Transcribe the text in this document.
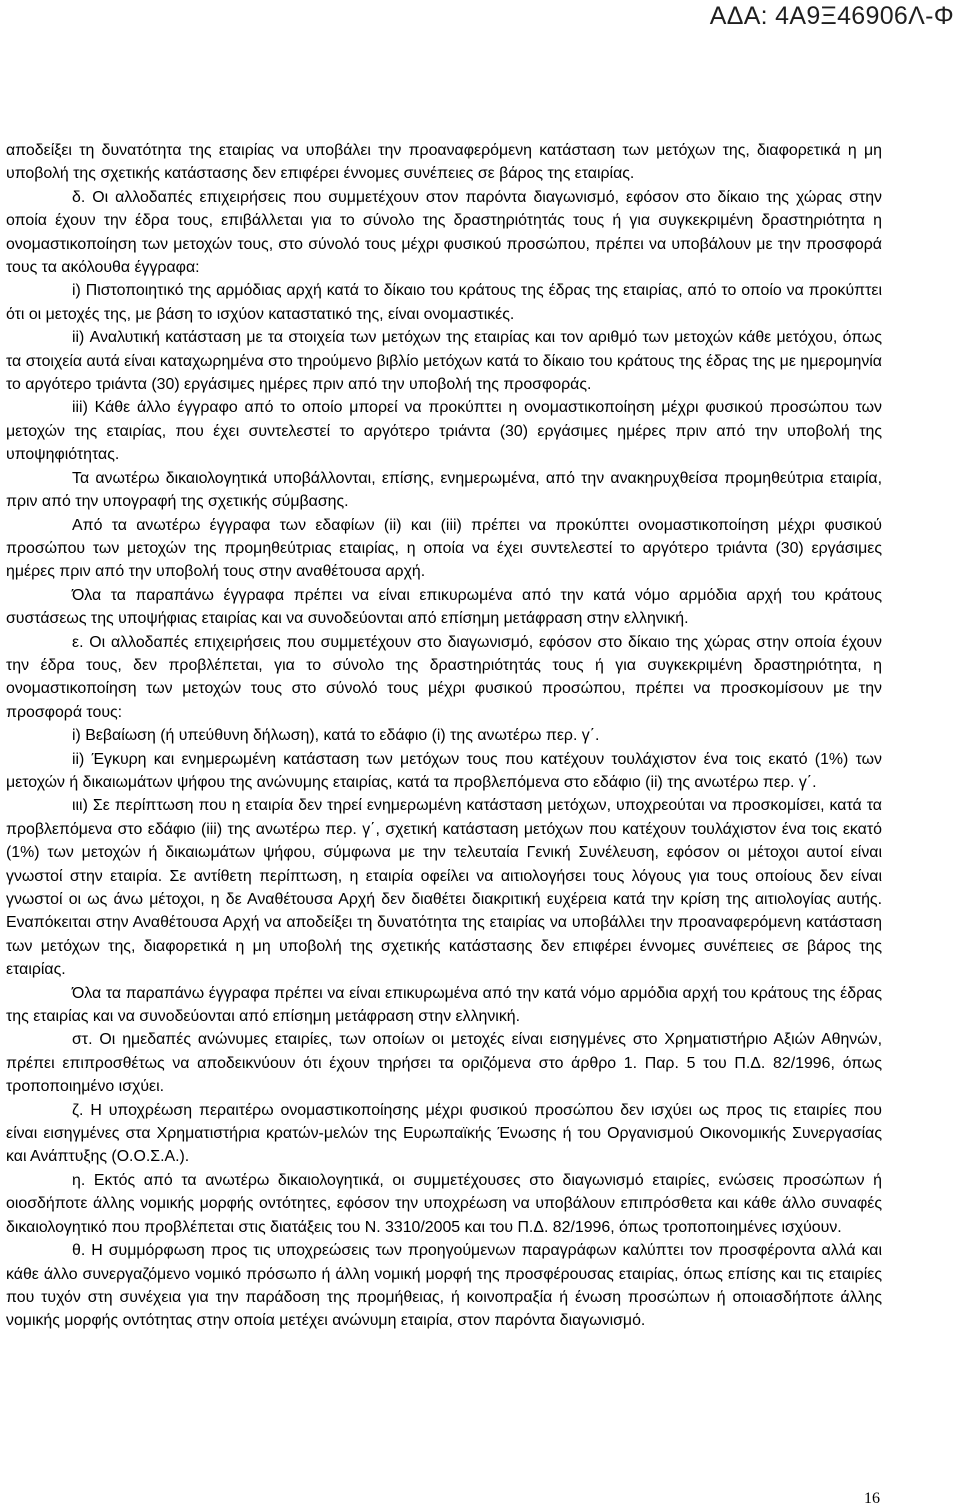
ΑΔΑ: 4Α9Ξ46906Λ-Φ

αποδείξει τη δυνατότητα της εταιρίας να υποβάλει την προαναφερόμενη κατάσταση των μετόχων της, διαφορετικά η μη υποβολή της σχετικής κατάστασης δεν επιφέρει έννομες συνέπειες σε βάρος της εταιρίας.

δ. Οι αλλοδαπές επιχειρήσεις που συμμετέχουν στον παρόντα διαγωνισμό, εφόσον στο δίκαιο της χώρας στην οποία έχουν την έδρα τους, επιβάλλεται για το σύνολο της δραστηριότητάς τους ή για συγκεκριμένη δραστηριότητα η ονομαστικοποίηση των μετοχών τους, στο σύνολό τους μέχρι φυσικού προσώπου, πρέπει να υποβάλουν με την προσφορά τους τα ακόλουθα έγγραφα:

i) Πιστοποιητικό της αρμόδιας αρχή κατά το δίκαιο του κράτους της έδρας της εταιρίας, από το οποίο να προκύπτει ότι οι μετοχές της, με βάση το ισχύον καταστατικό της, είναι ονομαστικές.

ii) Αναλυτική κατάσταση με τα στοιχεία των μετόχων της εταιρίας και τον αριθμό των μετοχών κάθε μετόχου, όπως τα στοιχεία αυτά είναι καταχωρημένα στο τηρούμενο βιβλίο μετόχων κατά το δίκαιο του κράτους της έδρας της με ημερομηνία το αργότερο τριάντα (30) εργάσιμες ημέρες πριν από την υποβολή της προσφοράς.

iii) Κάθε άλλο έγγραφο από το οποίο μπορεί να προκύπτει η ονομαστικοποίηση μέχρι φυσικού προσώπου των μετοχών της εταιρίας, που έχει συντελεστεί το αργότερο τριάντα (30) εργάσιμες ημέρες πριν από την υποβολή της υποψηφιότητας.

Τα ανωτέρω δικαιολογητικά υποβάλλονται, επίσης, ενημερωμένα, από την ανακηρυχθείσα προμηθεύτρια εταιρία, πριν από την υπογραφή της σχετικής σύμβασης.

Από τα ανωτέρω έγγραφα των εδαφίων (ii) και (iii) πρέπει να προκύπτει ονομαστικοποίηση μέχρι φυσικού προσώπου των μετοχών της προμηθεύτριας εταιρίας, η οποία να έχει συντελεστεί το αργότερο τριάντα (30) εργάσιμες ημέρες πριν από την υποβολή τους στην αναθέτουσα αρχή.

Όλα τα παραπάνω έγγραφα πρέπει να είναι επικυρωμένα από την κατά νόμο αρμόδια αρχή του κράτους συστάσεως της υποψήφιας εταιρίας και να συνοδεύονται από επίσημη μετάφραση στην ελληνική.

ε. Οι αλλοδαπές επιχειρήσεις που συμμετέχουν στο διαγωνισμό, εφόσον στο δίκαιο της χώρας στην οποία έχουν την έδρα τους, δεν προβλέπεται, για το σύνολο της δραστηριότητάς τους ή για συγκεκριμένη δραστηριότητα, η ονομαστικοποίηση των μετοχών τους στο σύνολό τους μέχρι φυσικού προσώπου, πρέπει να προσκομίσουν με την προσφορά τους:

i) Βεβαίωση (ή υπεύθυνη δήλωση), κατά το εδάφιο (i) της ανωτέρω περ. γ΄.

ii) Έγκυρη και ενημερωμένη κατάσταση των μετόχων τους που κατέχουν τουλάχιστον ένα τοις εκατό (1%) των μετοχών ή δικαιωμάτων ψήφου της ανώνυμης εταιρίας, κατά τα προβλεπόμενα στο εδάφιο (ii) της ανωτέρω περ. γ΄.

ιιι) Σε περίπτωση που η εταιρία δεν τηρεί ενημερωμένη κατάσταση μετόχων, υποχρεούται να προσκομίσει, κατά τα προβλεπόμενα στο εδάφιο (iii) της ανωτέρω περ. γ΄, σχετική κατάσταση μετόχων που κατέχουν τουλάχιστον ένα τοις εκατό (1%) των μετοχών ή δικαιωμάτων ψήφου, σύμφωνα με την τελευταία Γενική Συνέλευση, εφόσον οι μέτοχοι αυτοί είναι γνωστοί στην εταιρία. Σε αντίθετη περίπτωση, η εταιρία οφείλει να αιτιολογήσει τους λόγους για τους οποίους δεν είναι γνωστοί οι ως άνω μέτοχοι, η δε Αναθέτουσα Αρχή δεν διαθέτει διακριτική ευχέρεια κατά την κρίση της αιτιολογίας αυτής. Εναπόκειται στην Αναθέτουσα Αρχή να αποδείξει τη δυνατότητα της εταιρίας να υποβάλλει την προαναφερόμενη κατάσταση των μετόχων της, διαφορετικά η μη υποβολή της σχετικής κατάστασης δεν επιφέρει έννομες συνέπειες σε βάρος της εταιρίας.

Όλα τα παραπάνω έγγραφα πρέπει να είναι επικυρωμένα από την κατά νόμο αρμόδια αρχή του κράτους της έδρας της εταιρίας και να συνοδεύονται από επίσημη μετάφραση στην ελληνική.

στ. Οι ημεδαπές ανώνυμες εταιρίες, των οποίων οι μετοχές είναι εισηγμένες στο Χρηματιστήριο Αξιών Αθηνών, πρέπει επιπροσθέτως να αποδεικνύουν ότι έχουν τηρήσει τα οριζόμενα στο άρθρο 1. Παρ. 5 του Π.Δ. 82/1996, όπως τροποποιημένο ισχύει.

ζ. Η υποχρέωση περαιτέρω ονομαστικοποίησης μέχρι φυσικού προσώπου δεν ισχύει ως προς τις εταιρίες που είναι εισηγμένες στα Χρηματιστήρια κρατών-μελών της Ευρωπαϊκής Ένωσης ή του Οργανισμού Οικονομικής Συνεργασίας και Ανάπτυξης (Ο.Ο.Σ.Α.).

η. Εκτός από τα ανωτέρω δικαιολογητικά, οι συμμετέχουσες στο διαγωνισμό εταιρίες, ενώσεις προσώπων ή οιοσδήποτε άλλης νομικής μορφής οντότητες, εφόσον την υποχρέωση να υποβάλουν επιπρόσθετα και κάθε άλλο συναφές δικαιολογητικό που προβλέπεται στις διατάξεις του Ν. 3310/2005 και του Π.Δ. 82/1996, όπως τροποποιημένες ισχύουν.

θ. Η συμμόρφωση προς τις υποχρεώσεις των προηγούμενων παραγράφων καλύπτει τον προσφέροντα αλλά και κάθε άλλο συνεργαζόμενο νομικό πρόσωπο ή άλλη νομική μορφή της προσφέρουσας εταιρίας, όπως επίσης και τις εταιρίες που τυχόν στη συνέχεια για την παράδοση της προμήθειας, ή κοινοπραξία ή ένωση προσώπων ή οποιασδήποτε άλλης νομικής μορφής οντότητας στην οποία μετέχει ανώνυμη εταιρία, στον παρόντα διαγωνισμό.

16
